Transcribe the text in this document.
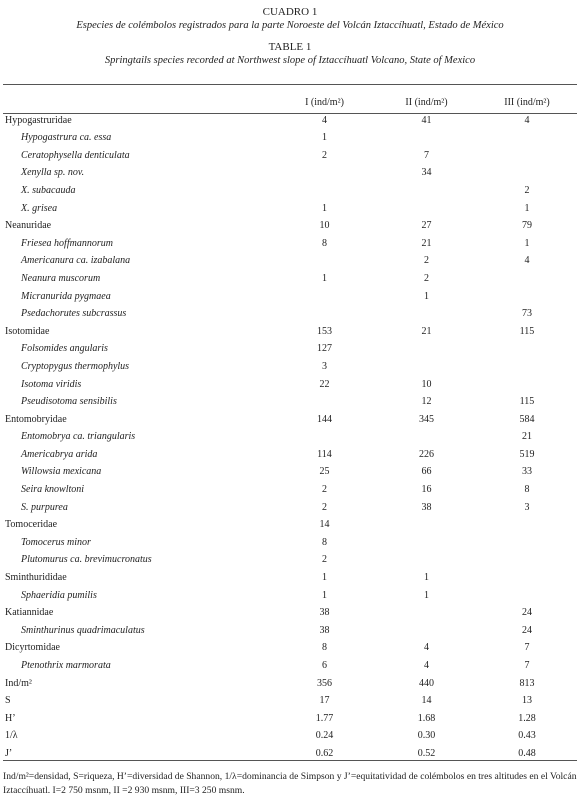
CUADRO 1
Especies de colémbolos registrados para la parte Noroeste del Volcán Iztaccíhuatl, Estado de México
TABLE 1
Springtails species recorded at Northwest slope of Iztaccíhuatl Volcano, State of Mexico
	I (ind/m²)	II (ind/m²)	III (ind/m²)
Hypogastruridae	4	41	4
Hypogastrura ca. essa	1		
Ceratophysella denticulata	2	7	
Xenylla sp. nov.		34	
X. subacauda			2
X. grisea	1		1
Neanuridae	10	27	79
Friesea hoffmannorum	8	21	1
Americanura ca. izabalana		2	4
Neanura muscorum	1	2	
Micranurida pygmaea		1	
Psedachorutes subcrassus			73
Isotomidae	153	21	115
Folsomides angularis	127		
Cryptopygus thermophylus	3		
Isotoma viridis	22	10	
Pseudisotoma sensibilis		12	115
Entomobryidae	144	345	584
Entomobrya ca. triangularis			21
Americabrya arida	114	226	519
Willowsia mexicana	25	66	33
Seira knowltoni	2	16	8
S. purpurea	2	38	3
Tomoceridae	14		
Tomocerus minor	8		
Plutomurus ca. brevimucronatus	2		
Sminthurididae	1	1	
Sphaeridia pumilis	1	1	
Katiannidae	38		24
Sminthurinus quadrimaculatus	38		24
Dicyrtomidae	8	4	7
Ptenothrix marmorata	6	4	7
Ind/m²	356	440	813
S	17	14	13
H’	1.77	1.68	1.28
1/λ	0.24	0.30	0.43
J’	0.62	0.52	0.48
Ind/m²=densidad, S=riqueza, H’=diversidad de Shannon, 1/λ=dominancia de Simpson y J’=equitatividad de colémbolos en tres altitudes en el Volcán Iztaccíhuatl. I=2 750 msnm, II =2 930 msnm, III=3 250 msnm.
